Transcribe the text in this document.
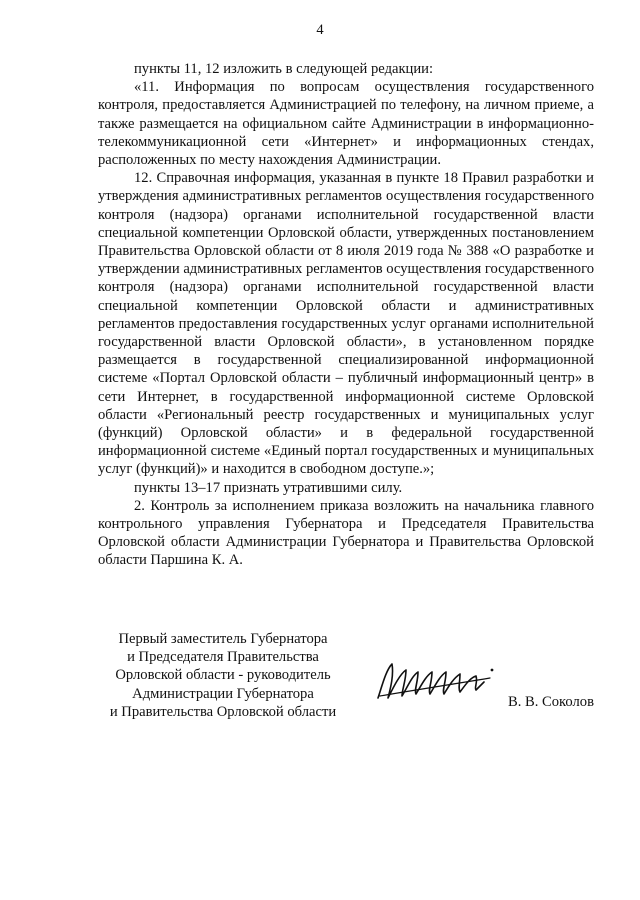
4

пункты 11, 12 изложить в следующей редакции:

«11. Информация по вопросам осуществления государственного контроля, предоставляется Администрацией по телефону, на личном приеме, а также размещается на официальном сайте Администрации в информационно-телекоммуникационной сети «Интернет» и информационных стендах, расположенных по месту нахождения Администрации.

12. Справочная информация, указанная в пункте 18 Правил разработки и утверждения административных регламентов осуществления государственного контроля (надзора) органами исполнительной государственной власти специальной компетенции Орловской области, утвержденных постановлением Правительства Орловской области от 8 июля 2019 года № 388 «О разработке и утверждении административных регламентов осуществления государственного контроля (надзора) органами исполнительной государственной власти специальной компетенции Орловской области и административных регламентов предоставления государственных услуг органами исполнительной государственной власти Орловской области», в установленном порядке размещается в государственной специализированной информационной системе «Портал Орловской области – публичный информационный центр» в сети Интернет, в государственной информационной системе Орловской области «Региональный реестр государственных и муниципальных услуг (функций) Орловской области» и в федеральной государственной информационной системе «Единый портал государственных и муниципальных услуг (функций)» и находится в свободном доступе.»;

пункты 13–17 признать утратившими силу.

2. Контроль за исполнением приказа возложить на начальника главного контрольного управления Губернатора и Председателя Правительства Орловской области Администрации Губернатора и Правительства Орловской области Паршина К. А.

Первый заместитель Губернатора
и Председателя Правительства
Орловской области - руководитель
Администрации Губернатора
и Правительства Орловской области
В. В. Соколов
